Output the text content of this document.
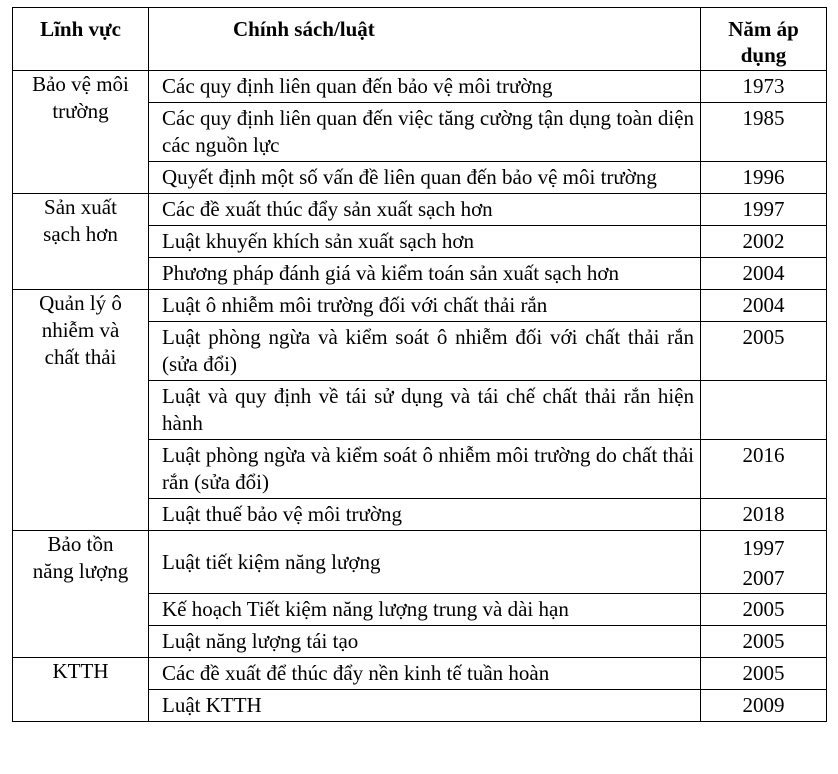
Lĩnh vực	Chính sách/luật	Năm áp
dụng

Bảo vệ môi trường	Các quy định liên quan đến bảo vệ môi trường	1973

	Các quy định liên quan đến việc tăng cường tận dụng toàn diện các nguồn lực	1985

	Quyết định một số vấn đề liên quan đến bảo vệ môi trường	1996

Sản xuất sạch hơn	Các đề xuất thúc đẩy sản xuất sạch hơn	1997

	Luật khuyến khích sản xuất sạch hơn	2002

	Phương pháp đánh giá và kiểm toán sản xuất sạch hơn	2004

Quản lý ô nhiễm và chất thải	Luật ô nhiễm môi trường đối với chất thải rắn	2004

	Luật phòng ngừa và kiểm soát ô nhiễm đối với chất thải rắn (sửa đổi)	2005

	Luật và quy định về tái sử dụng và tái chế chất thải rắn hiện hành	

	Luật phòng ngừa và kiểm soát ô nhiễm môi trường do chất thải rắn (sửa đổi)	2016

	Luật thuế bảo vệ môi trường	2018

Bảo tồn năng lượng	Luật tiết kiệm năng lượng	1997
2007

	Kế hoạch Tiết kiệm năng lượng trung và dài hạn	2005

	Luật năng lượng tái tạo	2005

KTTH	Các đề xuất để thúc đẩy nền kinh tế tuần hoàn	2005

	Luật KTTH	2009
